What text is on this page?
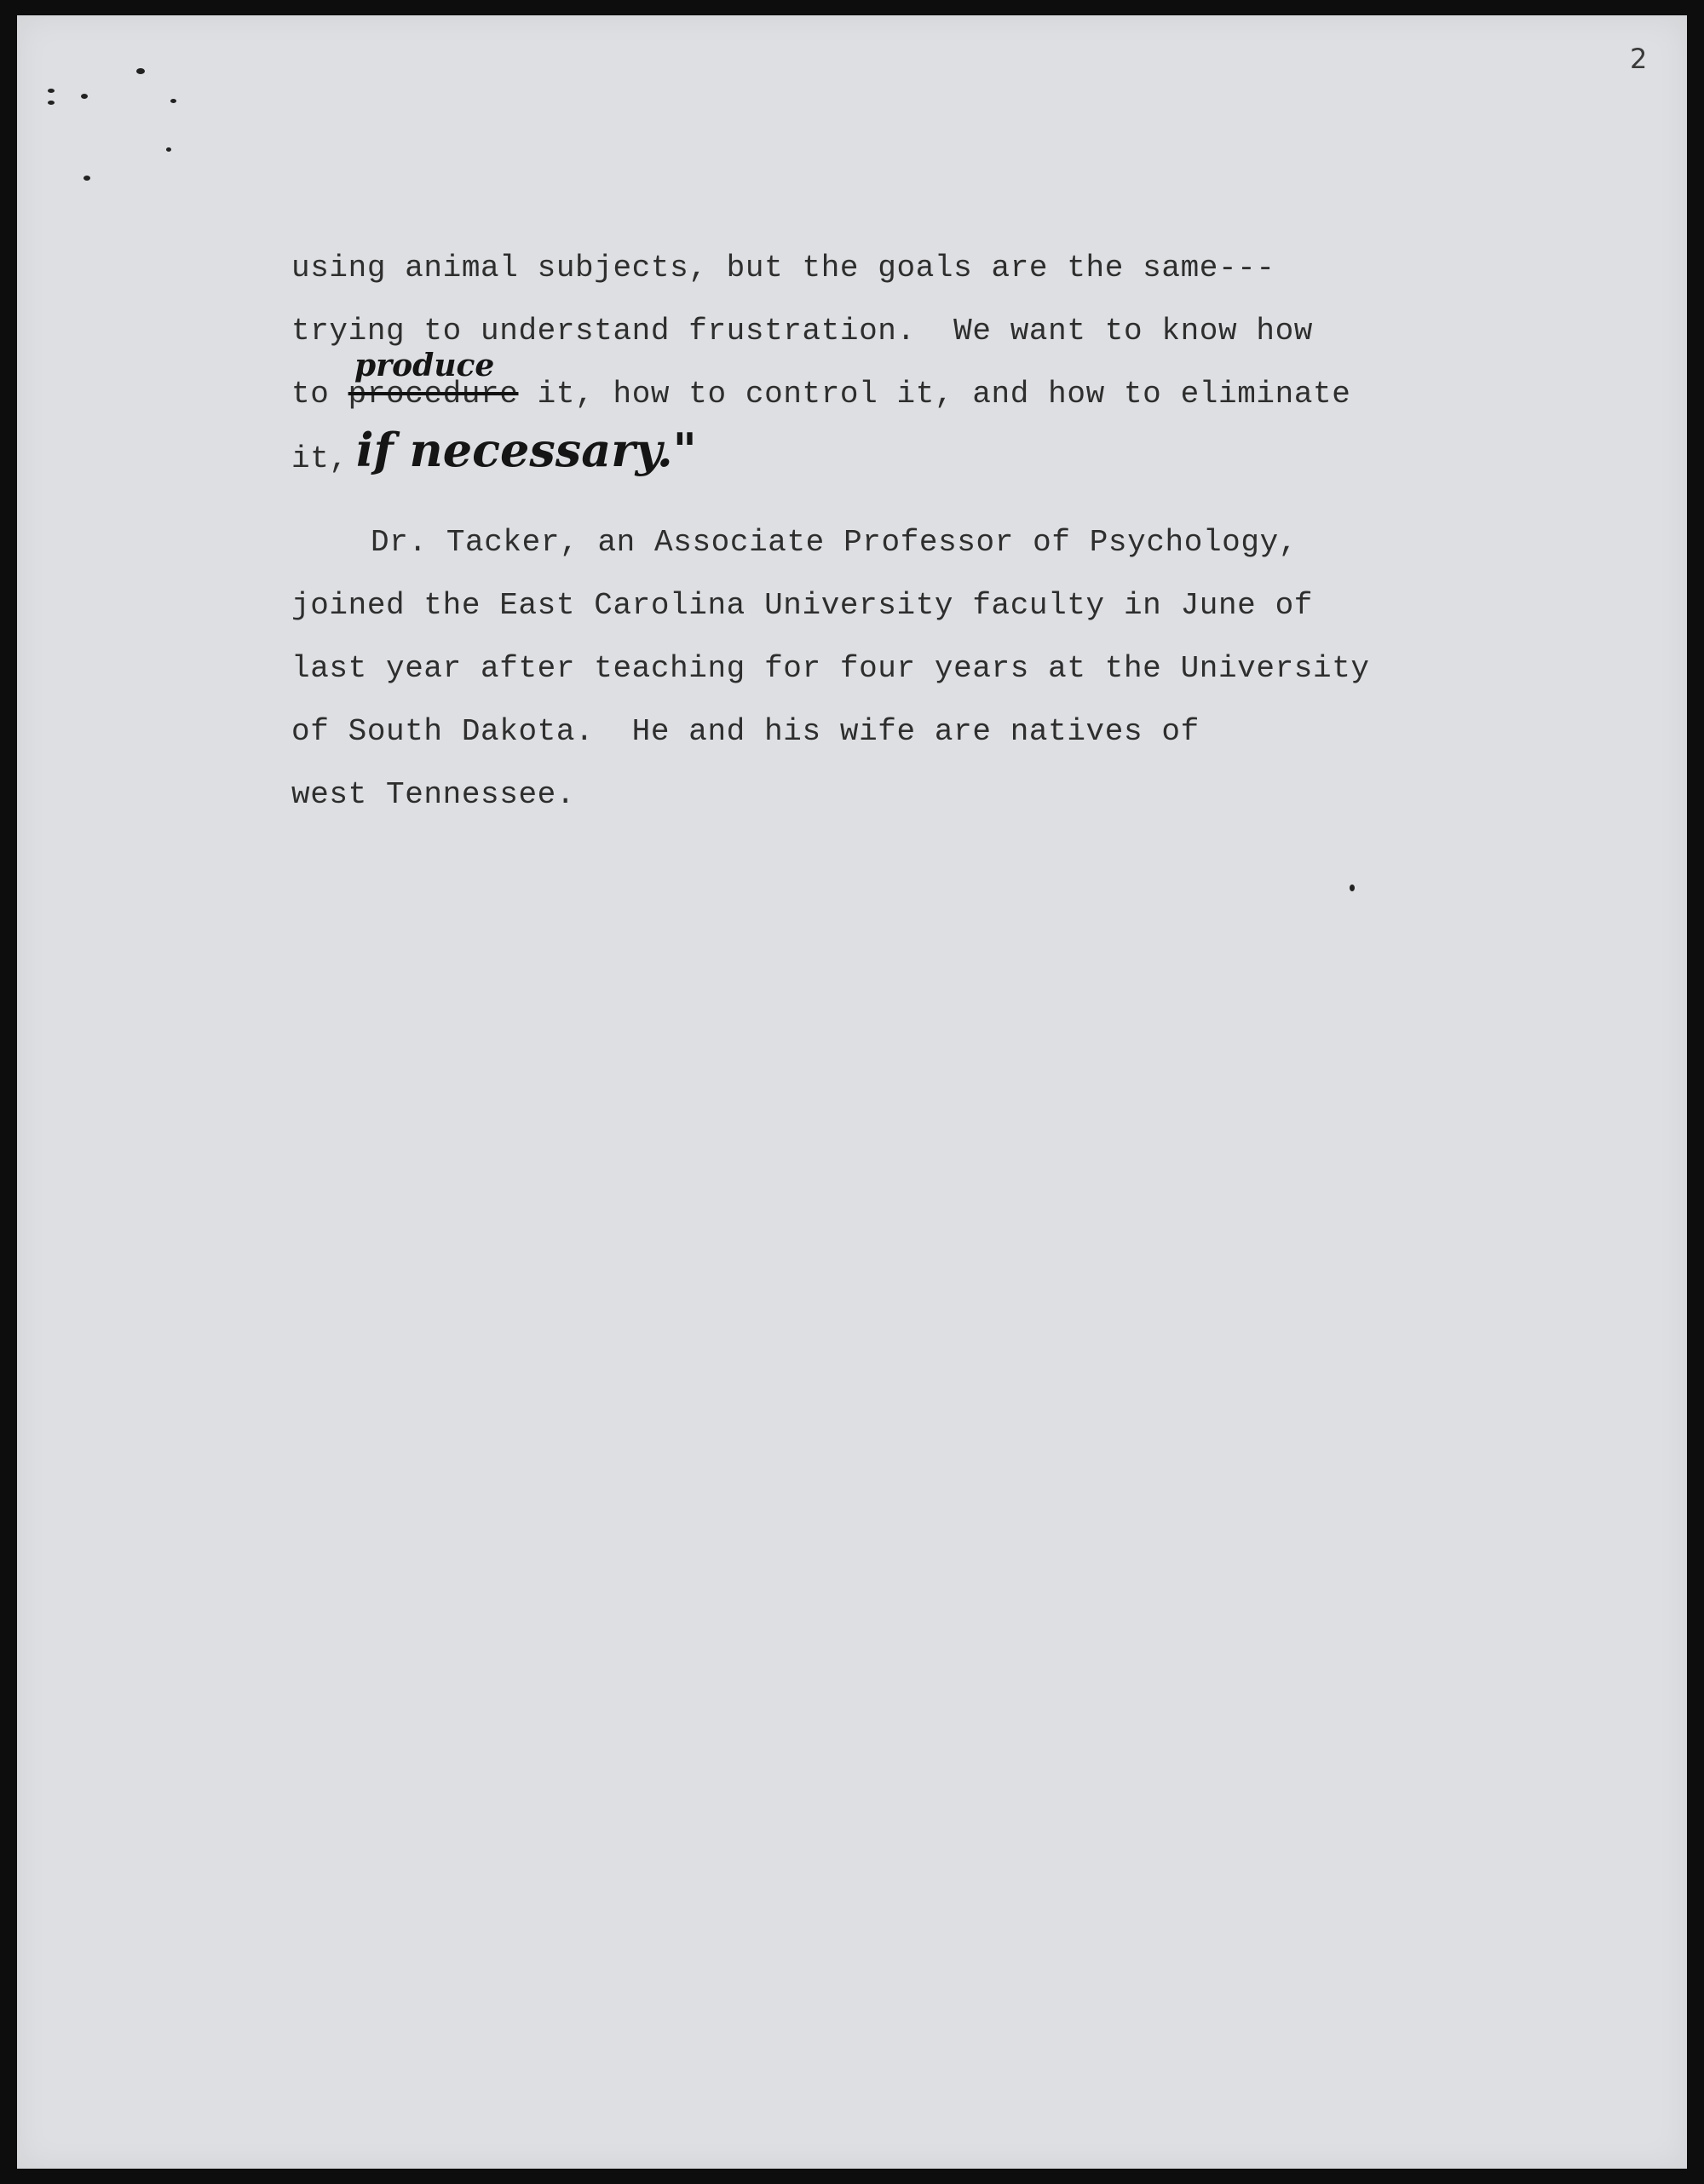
2
using animal subjects, but the goals are the same---
trying to understand frustration.  We want to know how
produce
to procedure it, how to control it, and how to eliminate
it, if necessary."
Dr. Tacker, an Associate Professor of Psychology,
joined the East Carolina University faculty in June of
last year after teaching for four years at the University
of South Dakota.  He and his wife are natives of
west Tennessee.
